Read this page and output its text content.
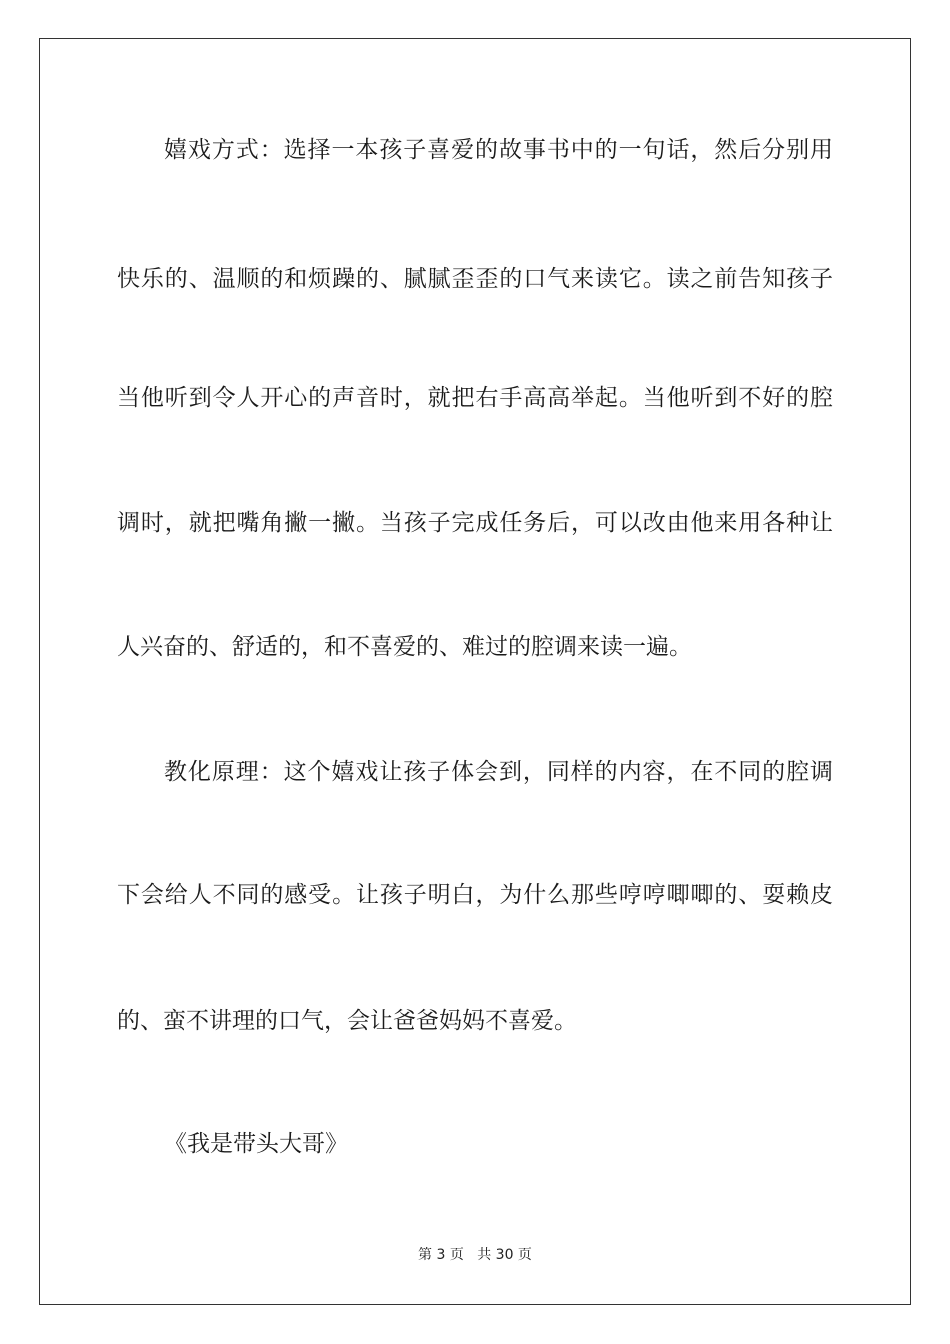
嬉戏方式：选择一本孩子喜爱的故事书中的一句话，然后分别用
快乐的、温顺的和烦躁的、腻腻歪歪的口气来读它。读之前告知孩子
当他听到令人开心的声音时，就把右手高高举起。当他听到不好的腔
调时，就把嘴角撇一撇。当孩子完成任务后，可以改由他来用各种让
人兴奋的、舒适的，和不喜爱的、难过的腔调来读一遍。
教化原理：这个嬉戏让孩子体会到，同样的内容，在不同的腔调
下会给人不同的感受。让孩子明白，为什么那些哼哼唧唧的、耍赖皮
的、蛮不讲理的口气，会让爸爸妈妈不喜爱。
《我是带头大哥》
第 3 页 共 30 页
